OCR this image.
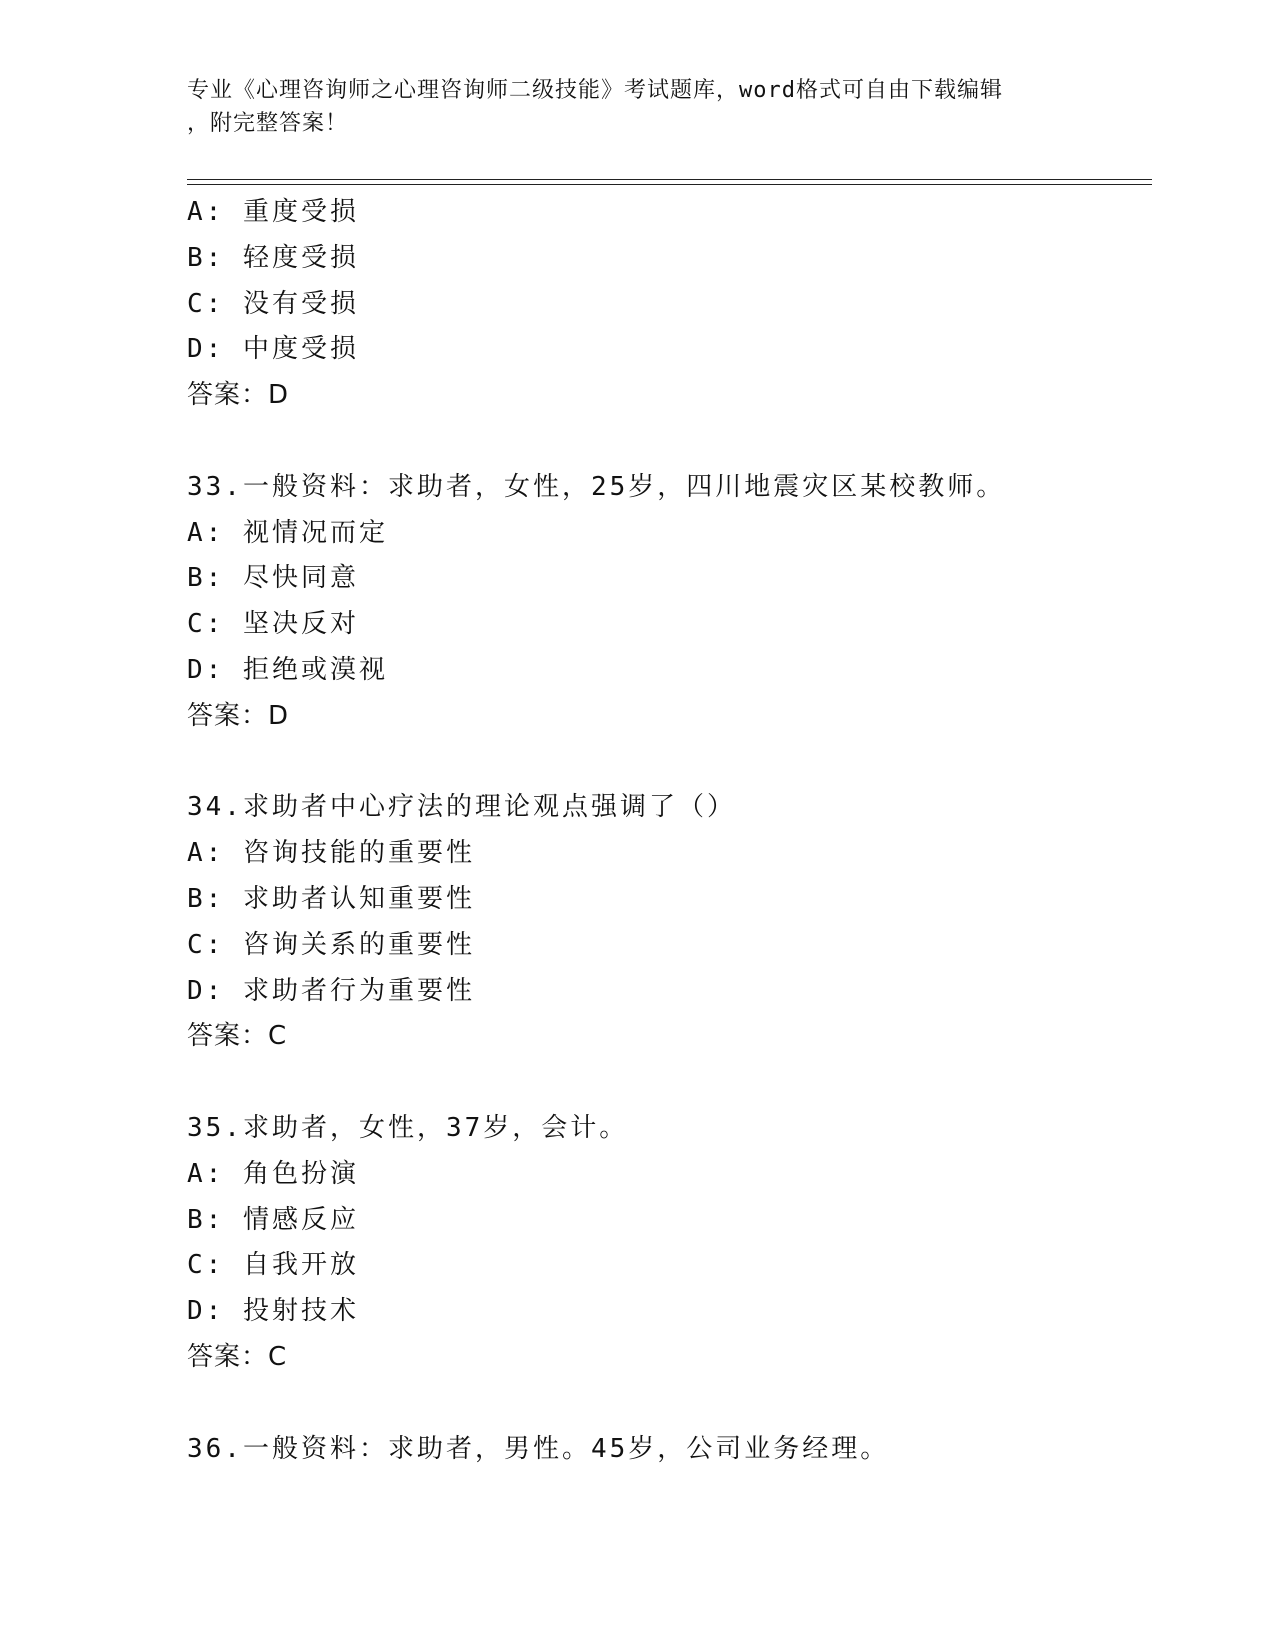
专业《心理咨询师之心理咨询师二级技能》考试题库，word格式可自由下载编辑
，附完整答案！
A: 重度受损
B: 轻度受损
C: 没有受损
D: 中度受损
答案：D
33.一般资料：求助者，女性，25岁，四川地震灾区某校教师。
A: 视情况而定
B: 尽快同意
C: 坚决反对
D: 拒绝或漠视
答案：D
34.求助者中心疗法的理论观点强调了（）
A: 咨询技能的重要性
B: 求助者认知重要性
C: 咨询关系的重要性
D: 求助者行为重要性
答案：C
35.求助者，女性，37岁，会计。
A: 角色扮演
B: 情感反应
C: 自我开放
D: 投射技术
答案：C
36.一般资料：求助者，男性。45岁，公司业务经理。
